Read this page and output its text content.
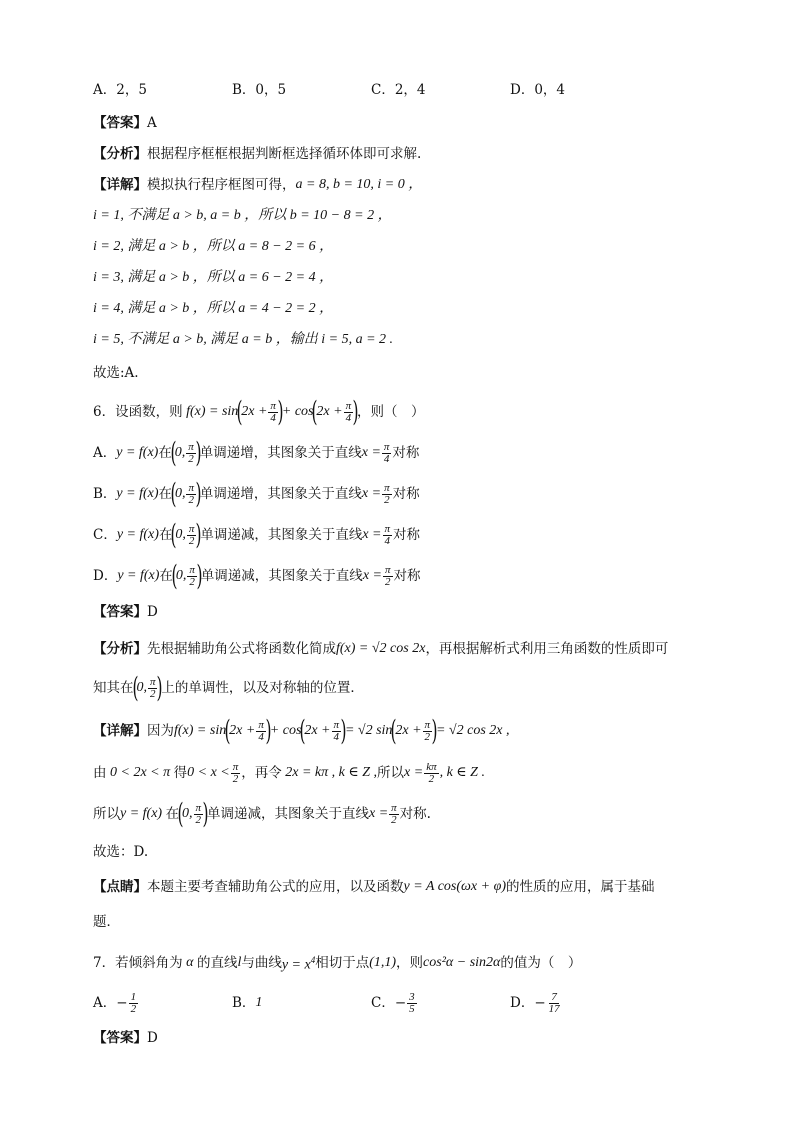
A．2，5	B．0，5	C．2，4	D．0，4
【答案】 A
【分析】 根据程序框框根据判断框选择循环体即可求解.
【详解】 模拟执行程序框图可得， a = 8, b = 10, i = 0 ，
i = 1, 不满足 a > b, a = b ，所以 b = 10 − 8 = 2 ，
i = 2, 满足 a > b ，所以 a = 8 − 2 = 6 ，
i = 3, 满足 a > b ，所以 a = 6 − 2 = 4 ，
i = 4, 满足 a > b ，所以 a = 4 − 2 = 2 ，
i = 5, 不满足 a > b, 满足 a = b ，输出 i = 5, a = 2 .
故选:A.
6．设函数，则 f(x) = sin
(
$2x + \frac{\pi}{4}$ )
+ cos
(
$2x + \frac{\pi}{4}$ )
，则（　）
A． y = f(x) 在
(
0, $\frac{\pi}{2}$ )
单调递增，其图象关于直线 $x = \frac{\pi}{4}$ 对称
B． y = f(x) 在
(
0, $\frac{\pi}{2}$ )
单调递增，其图象关于直线 $x = \frac{\pi}{2}$ 对称
C． y = f(x) 在
(
0, $\frac{\pi}{2}$ )
单调递减，其图象关于直线 $x = \frac{\pi}{4}$ 对称
D． y = f(x) 在
(
0, $\frac{\pi}{2}$ )
单调递减，其图象关于直线 $x = \frac{\pi}{2}$ 对称
【答案】 D
【分析】 先根据辅助角公式将函数化简成 f(x) = √2 cos 2x ，再根据解析式利用三角函数的性质即可
知其在
(
0, $\frac{\pi}{2}$ )
上的单调性，以及对称轴的位置．
【详解】 因为 f(x) = sin
(
$2x + \frac{\pi}{4}$ )
+ cos
(
$2x + \frac{\pi}{4}$ )
= √2 sin
(
$2x + \frac{\pi}{2}$ )
= √2 cos 2x ,
由 0 < 2x < π 得 $0 < x < \frac{\pi}{2}$ ，再令 2x = kπ , k ∈ Z , 所以 $x = \frac{k\pi}{2}$ , k ∈ Z .
所以 y = f(x) 在
(
0, $\frac{\pi}{2}$ )
单调递减，其图象关于直线 $x = \frac{\pi}{2}$ 对称.
故选：D.
【点睛】 本题主要考查辅助角公式的应用，以及函数 y = A cos(ωx + φ) 的性质的应用，属于基础
题．
7．若倾斜角为 α 的直线 l 与曲线 $y = x^4$ 相切于点 (1,1) ，则 cos²α − sin2α 的值为（　）
A． − $\frac{1}{2}$	B． 1	C． − $\frac{3}{5}$	D． − $\frac{7}{17}$
【答案】 D
